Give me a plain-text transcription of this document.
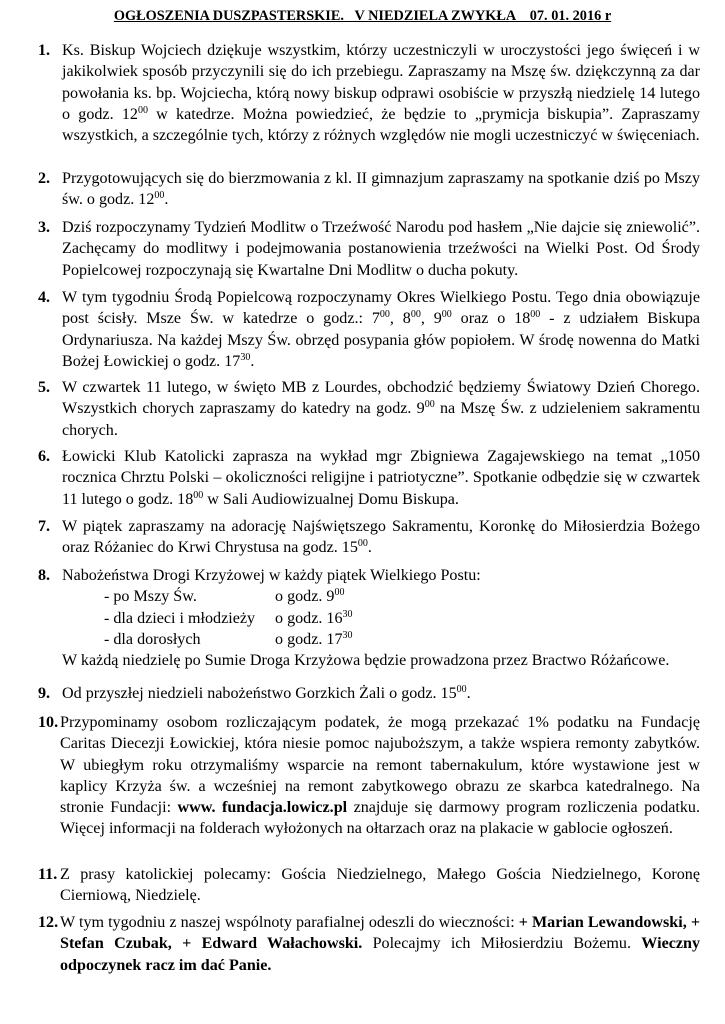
OGŁOSZENIA DUSZPASTERSKIE.   V NIEDZIELA ZWYKŁA    07. 01. 2016 r
1. Ks. Biskup Wojciech dziękuje wszystkim, którzy uczestniczyli w uroczystości jego święceń i w jakikolwiek sposób przyczynili się do ich przebiegu. Zapraszamy na Mszę św. dziękczynną za dar powołania ks. bp. Wojciecha, którą nowy biskup odprawi osobiście w przyszłą niedzielę 14 lutego o godz. $12^{00}$ w katedrze. Można powiedzieć, że będzie to „prymicja biskupia”. Zapraszamy wszystkich, a szczególnie tych, którzy z różnych względów nie mogli uczestniczyć w święceniach.
2. Przygotowujących się do bierzmowania z kl. II gimnazjum zapraszamy na spotkanie dziś po Mszy św. o godz. $12^{00}$.
3. Dziś rozpoczynamy Tydzień Modlitw o Trzeźwość Narodu pod hasłem „Nie dajcie się zniewolić”. Zachęcamy do modlitwy i podejmowania postanowienia trzeźwości na Wielki Post. Od Środy Popielcowej rozpoczynają się Kwartalne Dni Modlitw o ducha pokuty.
4. W tym tygodniu Środą Popielcową rozpoczynamy Okres Wielkiego Postu. Tego dnia obowiązuje post ścisły. Msze Św. w katedrze o godz.: $7^{00}$, $8^{00}$, $9^{00}$ oraz o $18^{00}$ - z udziałem Biskupa Ordynariusza. Na każdej Mszy Św. obrzęd posypania głów popiołem. W środę nowenna do Matki Bożej Łowickiej o godz. $17^{30}$.
5. W czwartek 11 lutego, w święto MB z Lourdes, obchodzić będziemy Światowy Dzień Chorego. Wszystkich chorych zapraszamy do katedry na godz. $9^{00}$ na Mszę Św. z udzieleniem sakramentu chorych.
6. Łowicki Klub Katolicki zaprasza na wykład mgr Zbigniewa Zagajewskiego na temat „1050 rocznica Chrztu Polski – okoliczności religijne i patriotyczne”. Spotkanie odbędzie się w czwartek 11 lutego o godz. $18^{00}$ w Sali Audiowizualnej Domu Biskupa.
7. W piątek zapraszamy na adorację Najświętszego Sakramentu, Koronkę do Miłosierdzia Bożego oraz Różaniec do Krwi Chrystusa na godz. $15^{00}$.
8. Nabożeństwa Drogi Krzyżowej w każdy piątek Wielkiego Postu:
- po Mszy Św.	o godz. $9^{00}$
- dla dzieci i młodzieży o godz. $16^{30}$
- dla dorosłych	o godz. $17^{30}$
W każdą niedzielę po Sumie Droga Krzyżowa będzie prowadzona przez Bractwo Różańcowe.
9. Od przyszłej niedzieli nabożeństwo Gorzkich Żali o godz. $15^{00}$.
10. Przypominamy osobom rozliczającym podatek, że mogą przekazać 1% podatku na Fundację Caritas Diecezji Łowickiej, która niesie pomoc najuboższym, a także wspiera remonty zabytków. W ubiegłym roku otrzymaliśmy wsparcie na remont tabernakulum, które wystawione jest w kaplicy Krzyża św. a wcześniej na remont zabytkowego obrazu ze skarbca katedralnego. Na stronie Fundacji: www. fundacja.lowicz.pl znajduje się darmowy program rozliczenia podatku. Więcej informacji na folderach wyłożonych na ołtarzach oraz na plakacie w gablocie ogłoszeń.
11. Z prasy katolickiej polecamy: Gościa Niedzielnego, Małego Gościa Niedzielnego, Koronę Cierniową, Niedzielę.
12. W tym tygodniu z naszej wspólnoty parafialnej odeszli do wieczności: + Marian Lewandowski, + Stefan Czubak, + Edward Wałachowski. Polecajmy ich Miłosierdziu Bożemu. Wieczny odpoczynek racz im dać Panie.
